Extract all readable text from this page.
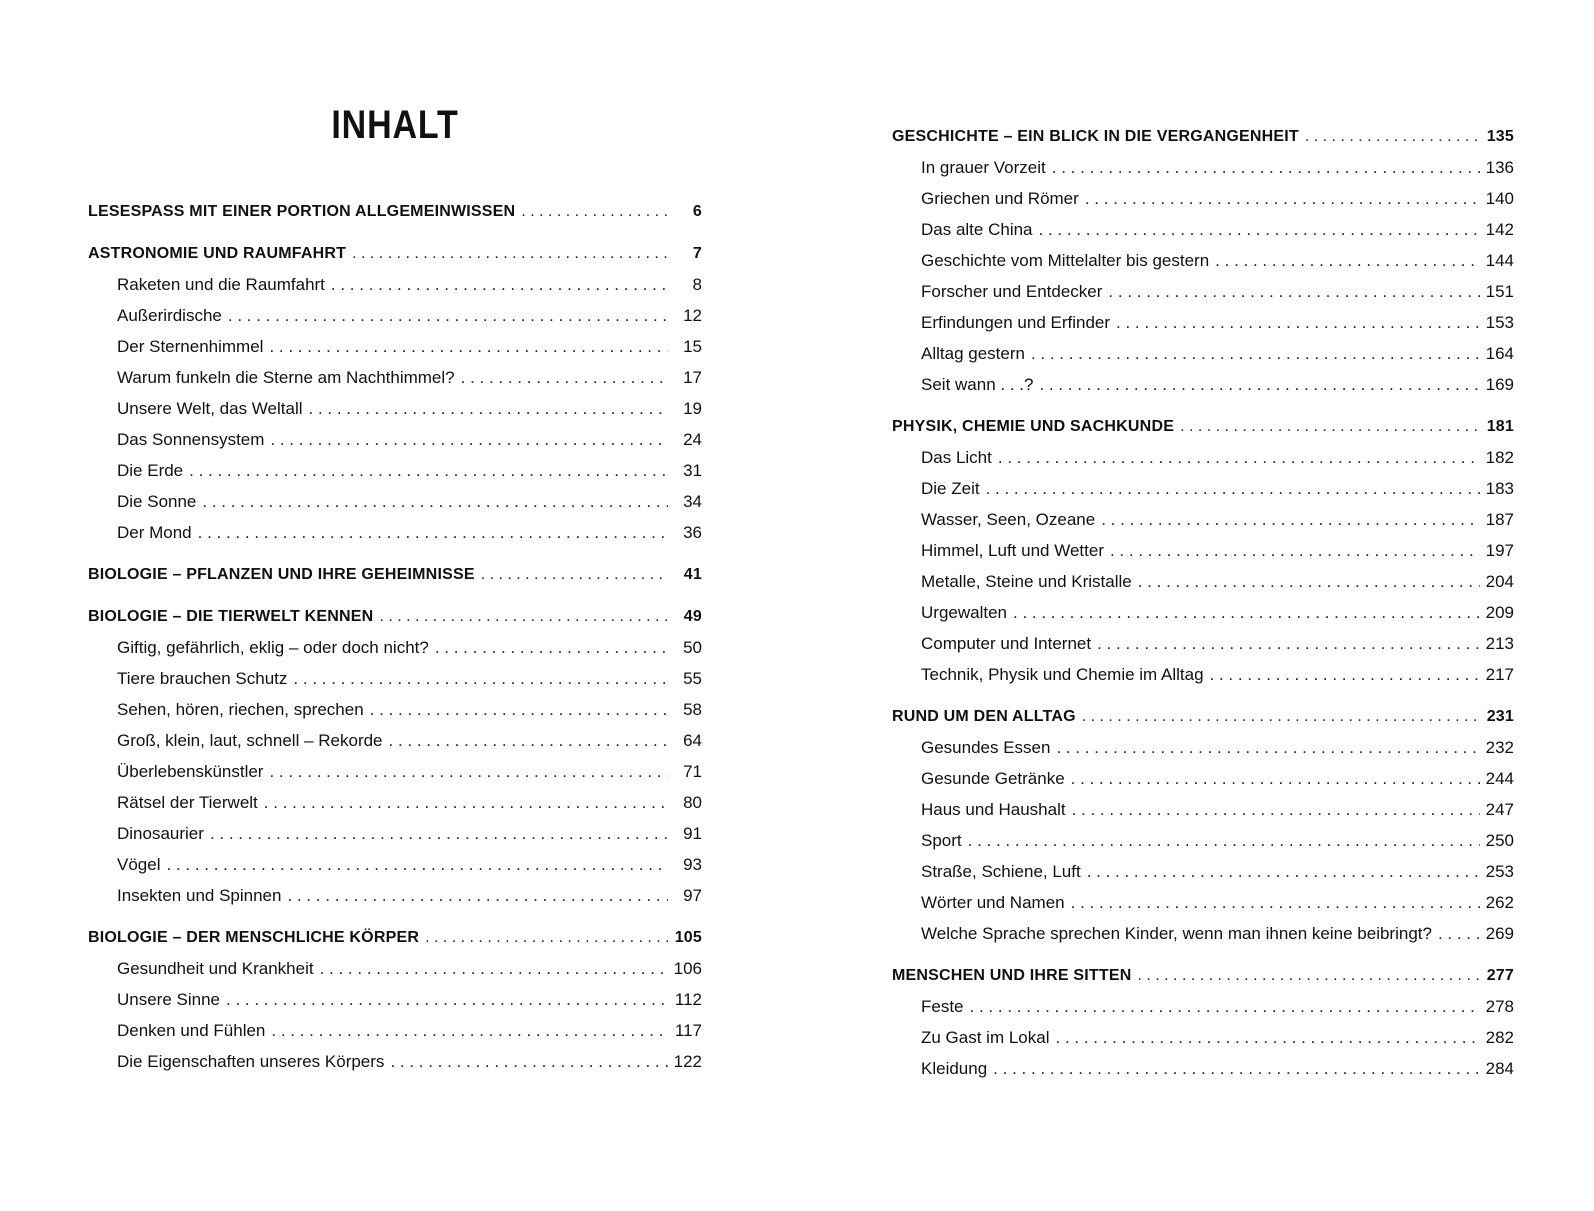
INHALT
LESESPASS MIT EINER PORTION ALLGEMEINWISSEN . . .	6
ASTRONOMIE UND RAUMFAHRT . . .	7
Raketen und die Raumfahrt . . .	8
Außerirdische . . .	12
Der Sternenhimmel . . .	15
Warum funkeln die Sterne am Nachthimmel? . . .	17
Unsere Welt, das Weltall . . .	19
Das Sonnensystem . . .	24
Die Erde . . .	31
Die Sonne . . .	34
Der Mond . . .	36
BIOLOGIE – PFLANZEN UND IHRE GEHEIMNISSE . . .	41
BIOLOGIE – DIE TIERWELT KENNEN . . .	49
Giftig, gefährlich, eklig – oder doch nicht? . . .	50
Tiere brauchen Schutz . . .	55
Sehen, hören, riechen, sprechen . . .	58
Groß, klein, laut, schnell – Rekorde . . .	64
Überlebenskünstler . . .	71
Rätsel der Tierwelt . . .	80
Dinosaurier . . .	91
Vögel . . .	93
Insekten und Spinnen . . .	97
BIOLOGIE – DER MENSCHLICHE KÖRPER . . .	105
Gesundheit und Krankheit . . .	106
Unsere Sinne . . .	112
Denken und Fühlen . . .	117
Die Eigenschaften unseres Körpers . . .	122
GESCHICHTE – EIN BLICK IN DIE VERGANGENHEIT . . .	135
In grauer Vorzeit . . .	136
Griechen und Römer . . .	140
Das alte China . . .	142
Geschichte vom Mittelalter bis gestern . . .	144
Forscher und Entdecker . . .	151
Erfindungen und Erfinder . . .	153
Alltag gestern . . .	164
Seit wann . . .? . . .	169
PHYSIK, CHEMIE UND SACHKUNDE . . .	181
Das Licht . . .	182
Die Zeit . . .	183
Wasser, Seen, Ozeane . . .	187
Himmel, Luft und Wetter . . .	197
Metalle, Steine und Kristalle . . .	204
Urgewalten . . .	209
Computer und Internet . . .	213
Technik, Physik und Chemie im Alltag . . .	217
RUND UM DEN ALLTAG . . .	231
Gesundes Essen . . .	232
Gesunde Getränke . . .	244
Haus und Haushalt . . .	247
Sport . . .	250
Straße, Schiene, Luft . . .	253
Wörter und Namen . . .	262
Welche Sprache sprechen Kinder, wenn man ihnen keine beibringt? . . .	269
MENSCHEN UND IHRE SITTEN . . .	277
Feste . . .	278
Zu Gast im Lokal . . .	282
Kleidung . . .	284
